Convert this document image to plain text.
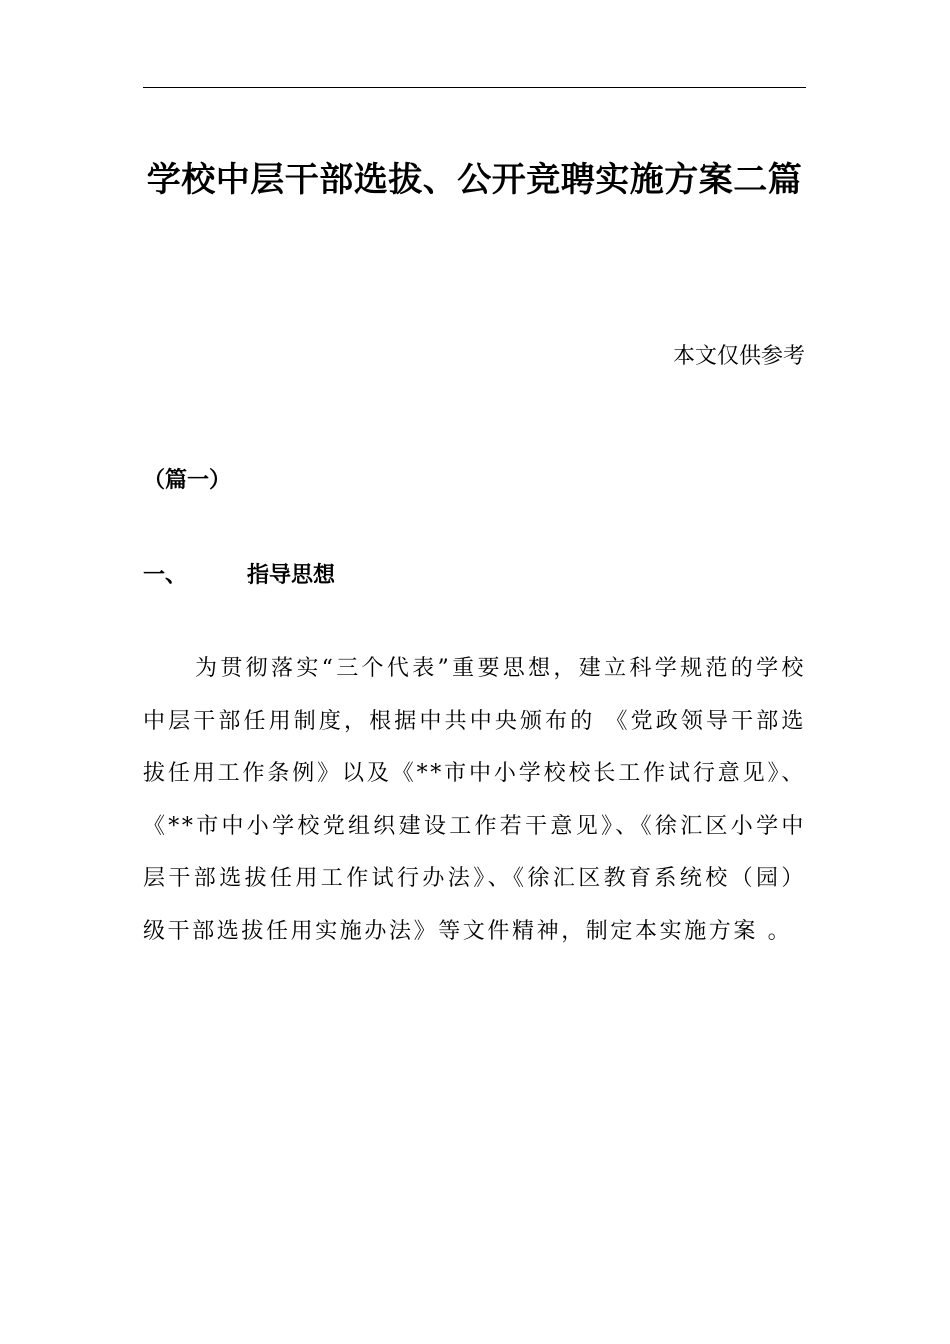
学校中层干部选拔、公开竞聘实施方案二篇

本文仅供参考

（篇一）

一、	指导思想

为贯彻落实“三个代表”重要思想，建立科学规范的学校中层干部任用制度，根据中共中央颁布的 《党政领导干部选拔任用工作条例》以及《**市中小学校校长工作试行意见》、《**市中小学校党组织建设工作若干意见》、《徐汇区小学中层干部选拔任用工作试行办法》、《徐汇区教育系统校（园）级干部选拔任用实施办法》等文件精神，制定本实施方案 。
